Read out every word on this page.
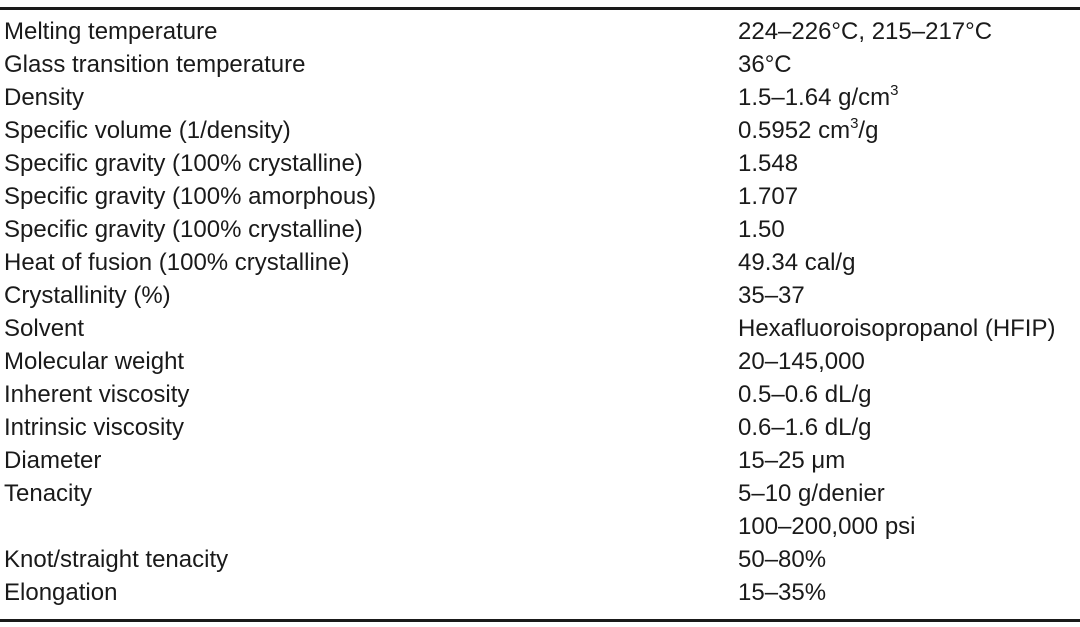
Melting temperature	224–226°C, 215–217°C
Glass transition temperature	36°C
Density	1.5–1.64 $g/cm^3$
Specific volume (1/density)	0.5952 $cm^3/g$
Specific gravity (100% crystalline)	1.548
Specific gravity (100% amorphous)	1.707
Specific gravity (100% crystalline)	1.50
Heat of fusion (100% crystalline)	49.34 cal/g
Crystallinity (%)	35–37
Solvent	Hexafluoroisopropanol (HFIP)
Molecular weight	20–145,000
Inherent viscosity	0.5–0.6 dL/g
Intrinsic viscosity	0.6–1.6 dL/g
Diameter	15–25 μm
Tenacity	5–10 g/denier
	100–200,000 psi
Knot/straight tenacity	50–80%
Elongation	15–35%
